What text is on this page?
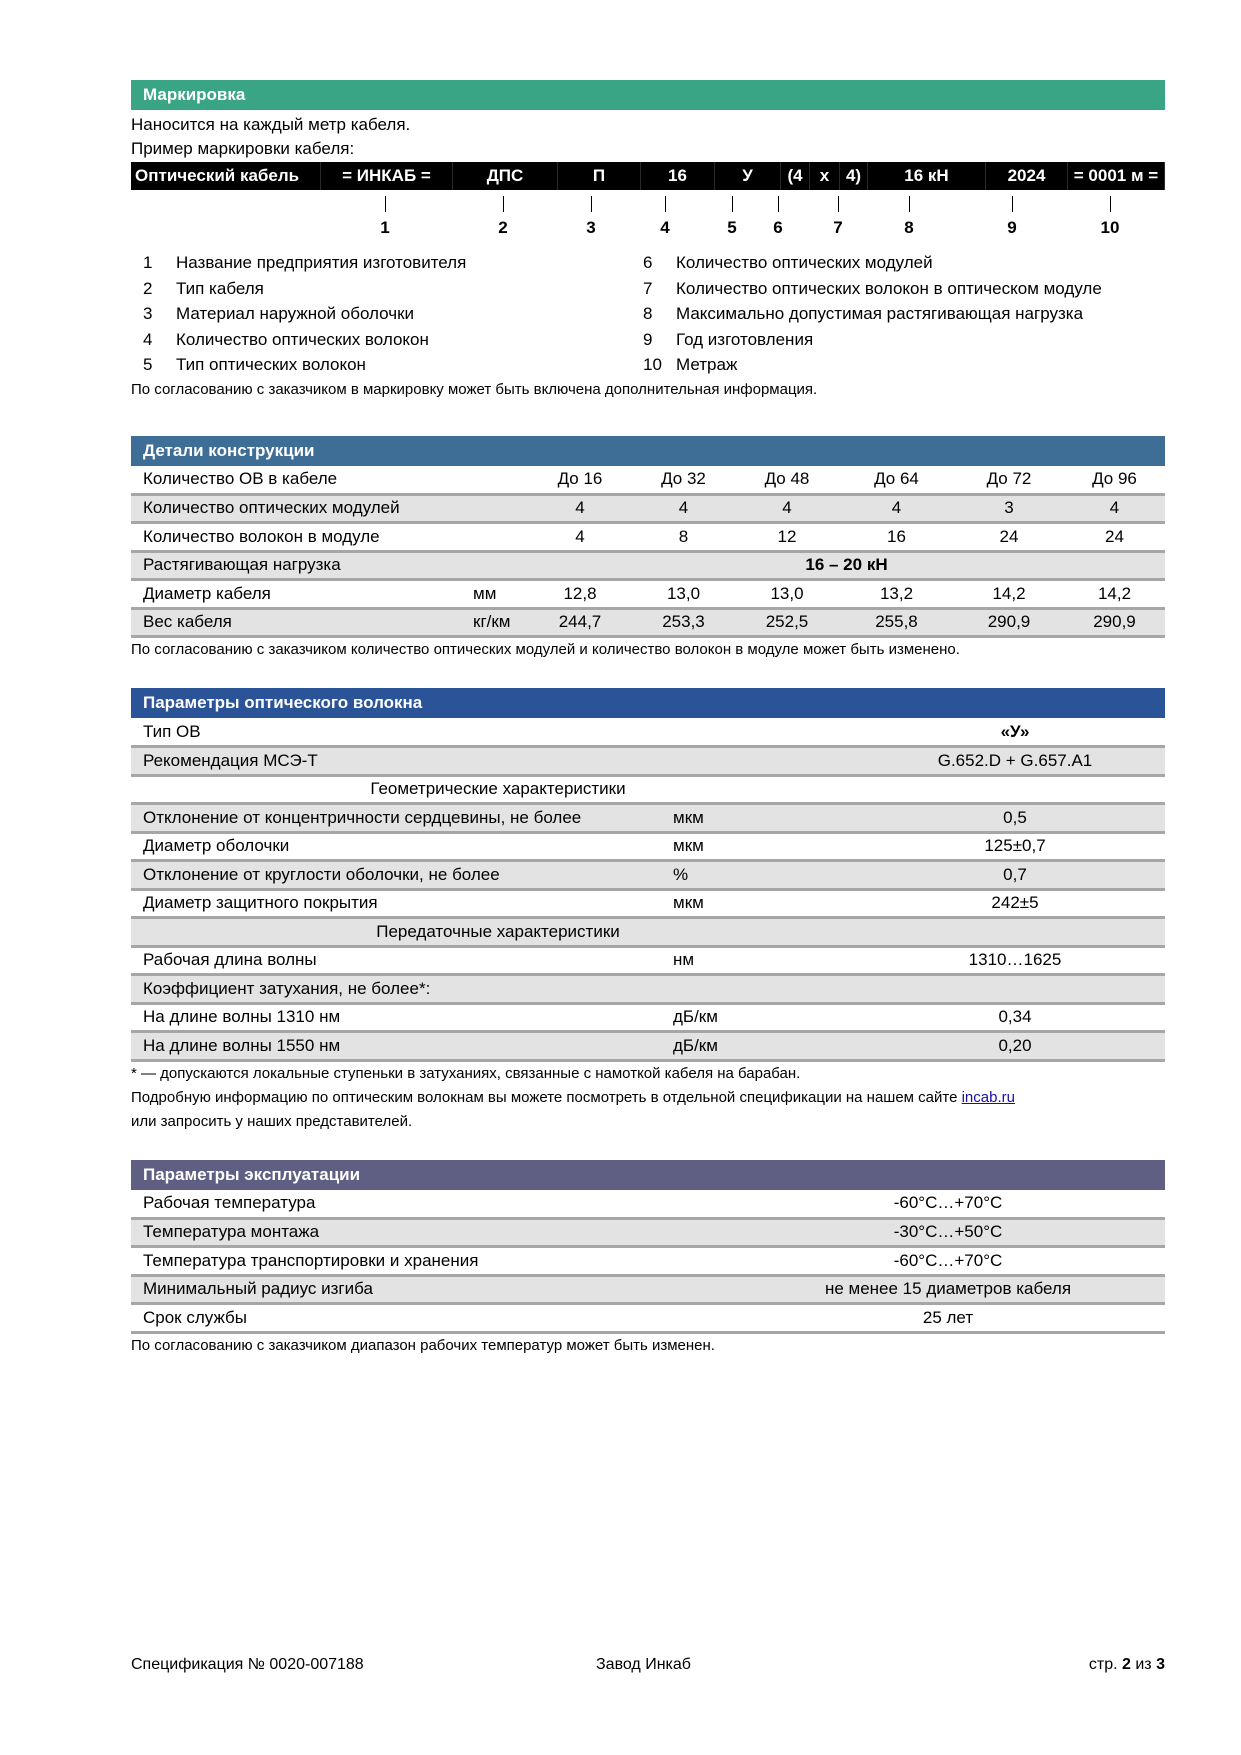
Маркировка
Наносится на каждый метр кабеля.
Пример маркировки кабеля:
Оптический кабель	= ИНКАБ =	ДПС	П	16	У	(4	х 4)	16 кН	2024	= 0001 м =
1	2	3	4	5 6	7	8	9	10
1	Название предприятия изготовителя
2	Тип кабеля
3	Материал наружной оболочки
4	Количество оптических волокон
5	Тип оптических волокон
6	Количество оптических модулей
7	Количество оптических волокон в оптическом модуле
8	Максимально допустимая растягивающая нагрузка
9	Год изготовления
10 Метраж
По согласованию с заказчиком в маркировку может быть включена дополнительная информация.
Детали конструкции
Количество ОВ в кабеле		До 16	До 32	До 48	До 64	До 72	До 96
Количество оптических модулей		4	4	4	4	3	4
Количество волокон в модуле		4	8	12	16	24	24
Растягивающая нагрузка		16 – 20 кН					
Диаметр кабеля	мм	12,8	13,0	13,0	13,2	14,2	14,2
Вес кабеля	кг/км	244,7	253,3	252,5	255,8	290,9	290,9
По согласованию с заказчиком количество оптических модулей и количество волокон в модуле может быть изменено.
Параметры оптического волокна
Тип ОВ		«У»
Рекомендация МСЭ-Т		G.652.D + G.657.A1
Геометрические характеристики		
Отклонение от концентричности сердцевины, не более	мкм	0,5
Диаметр оболочки	мкм	125±0,7
Отклонение от круглости оболочки, не более	%	0,7
Диаметр защитного покрытия	мкм	242±5
Передаточные характеристики		
Рабочая длина волны	нм	1310…1625
Коэффициент затухания, не более*:		
На длине волны 1310 нм	дБ/км	0,34
На длине волны 1550 нм	дБ/км	0,20
* — допускаются локальные ступеньки в затуханиях, связанные с намоткой кабеля на барабан.
Подробную информацию по оптическим волокнам вы можете посмотреть в отдельной спецификации на нашем сайте incab.ru
или запросить у наших представителей.
Параметры эксплуатации
Рабочая температура	-60°C…+70°C
Температура монтажа	-30°C…+50°C
Температура транспортировки и хранения	-60°C…+70°C
Минимальный радиус изгиба	не менее 15 диаметров кабеля
Срок службы	25 лет
По согласованию с заказчиком диапазон рабочих температур может быть изменен.
Спецификация № 0020-007188	Завод Инкаб	стр. 2 из 3
